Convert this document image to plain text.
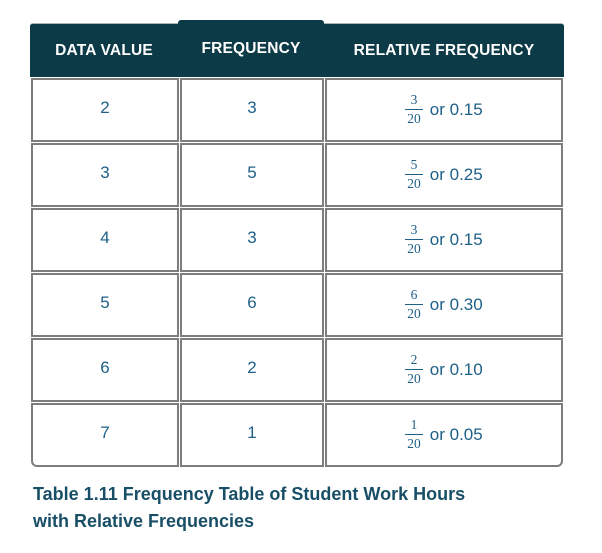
DATA VALUE	FREQUENCY	RELATIVE FREQUENCY
2	3	$\frac{3}{20}$ or 0.15
3	5	$\frac{5}{20}$ or 0.25
4	3	$\frac{3}{20}$ or 0.15
5	6	$\frac{6}{20}$ or 0.30
6	2	$\frac{2}{20}$ or 0.10
7	1	$\frac{1}{20}$ or 0.05
Table 1.11 Frequency Table of Student Work Hours
with Relative Frequencies
